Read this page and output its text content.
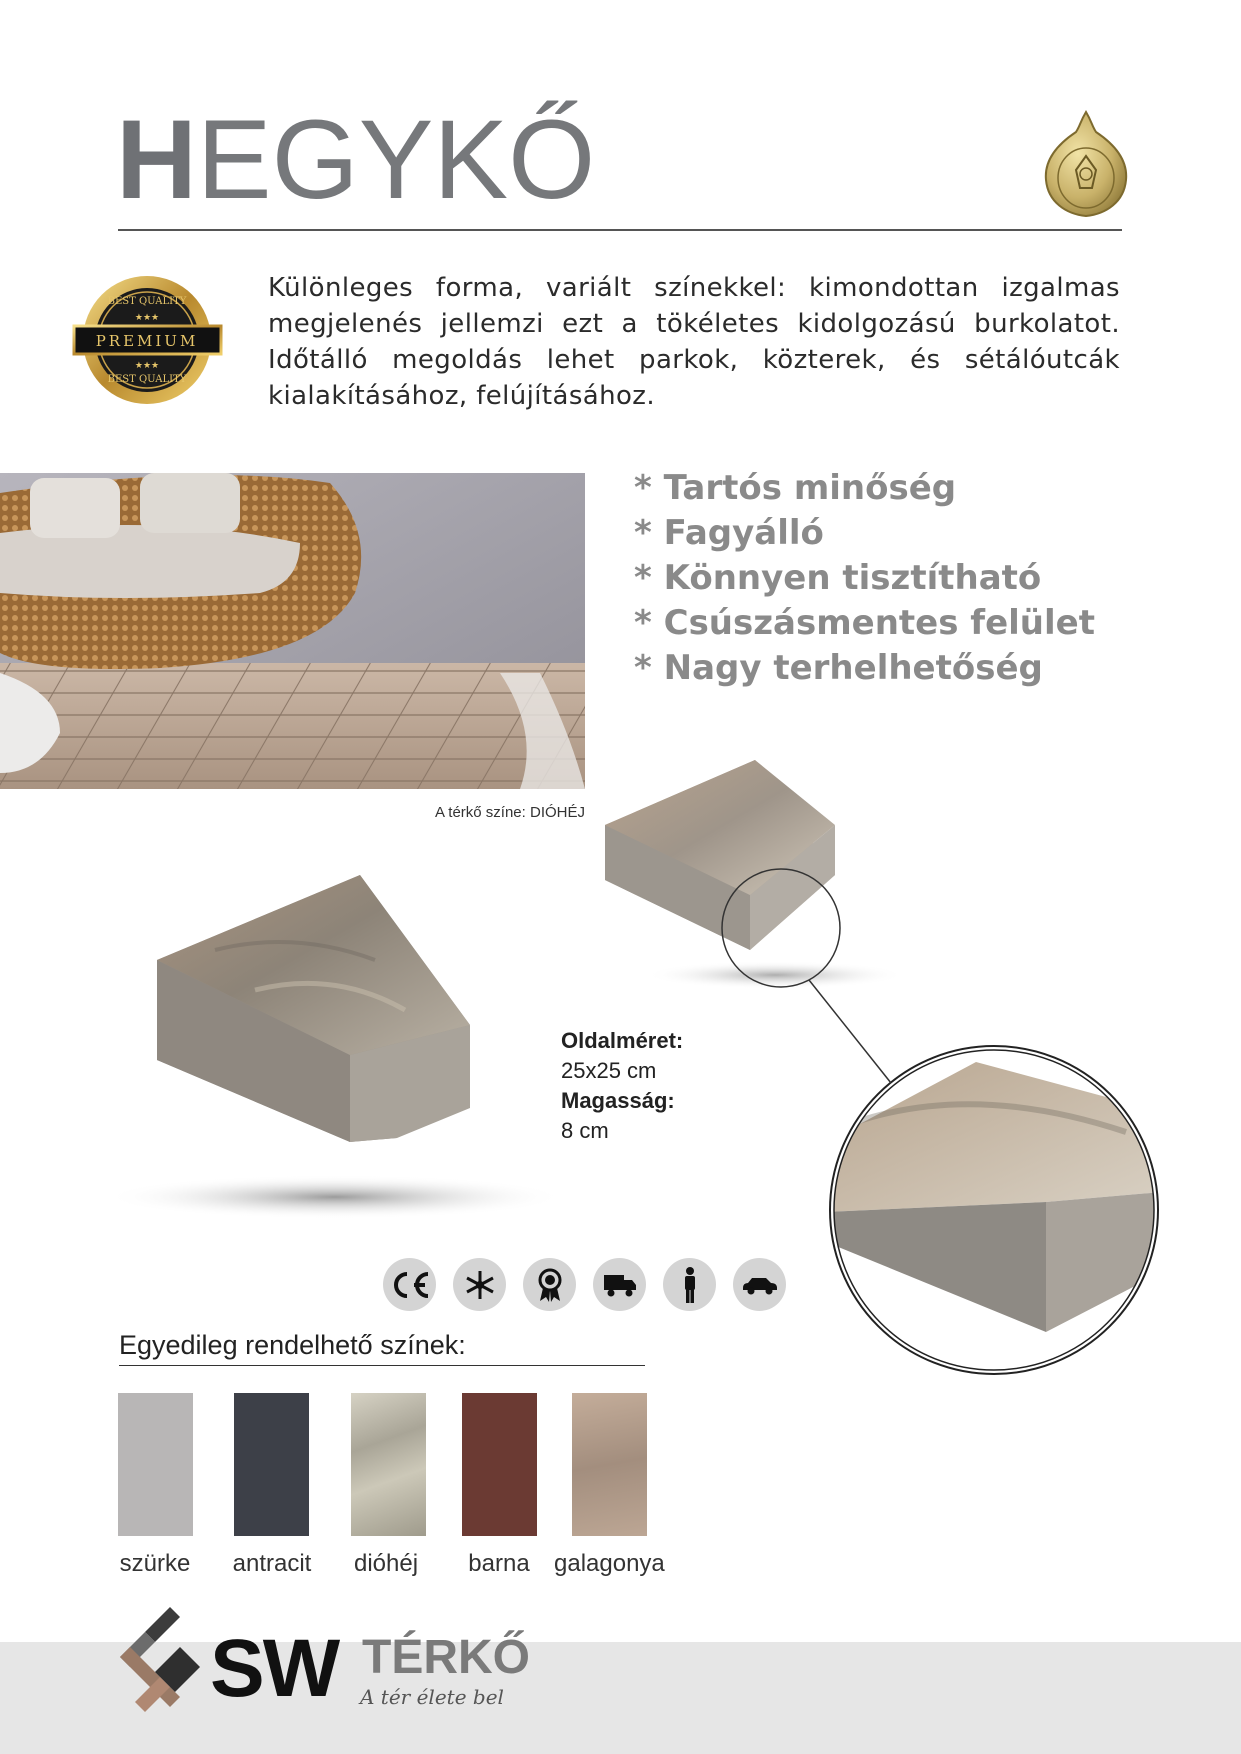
HEGYKŐ
PREMIUM
BEST QUALITY
BEST QUALITY
★★★
★★★
Különleges forma, variált színekkel: kimondottan izgalmas megjelenés jellemzi ezt a tökéletes kidolgozású burkolatot. Időtálló megoldás lehet parkok, közterek, és sétálóutcák kialakításához, felújításához.
A térkő színe: DIÓHÉJ
* Tartós minőség
* Fagyálló
* Könnyen tisztítható
* Csúszásmentes felület
* Nagy terhelhetőség
Oldalméret:
25x25 cm
Magasság:
8 cm
Egyedileg rendelhető színek:
szürke	antracit	dióhéj	barna	galagonya
SW TÉRKŐ
A tér élete bel
